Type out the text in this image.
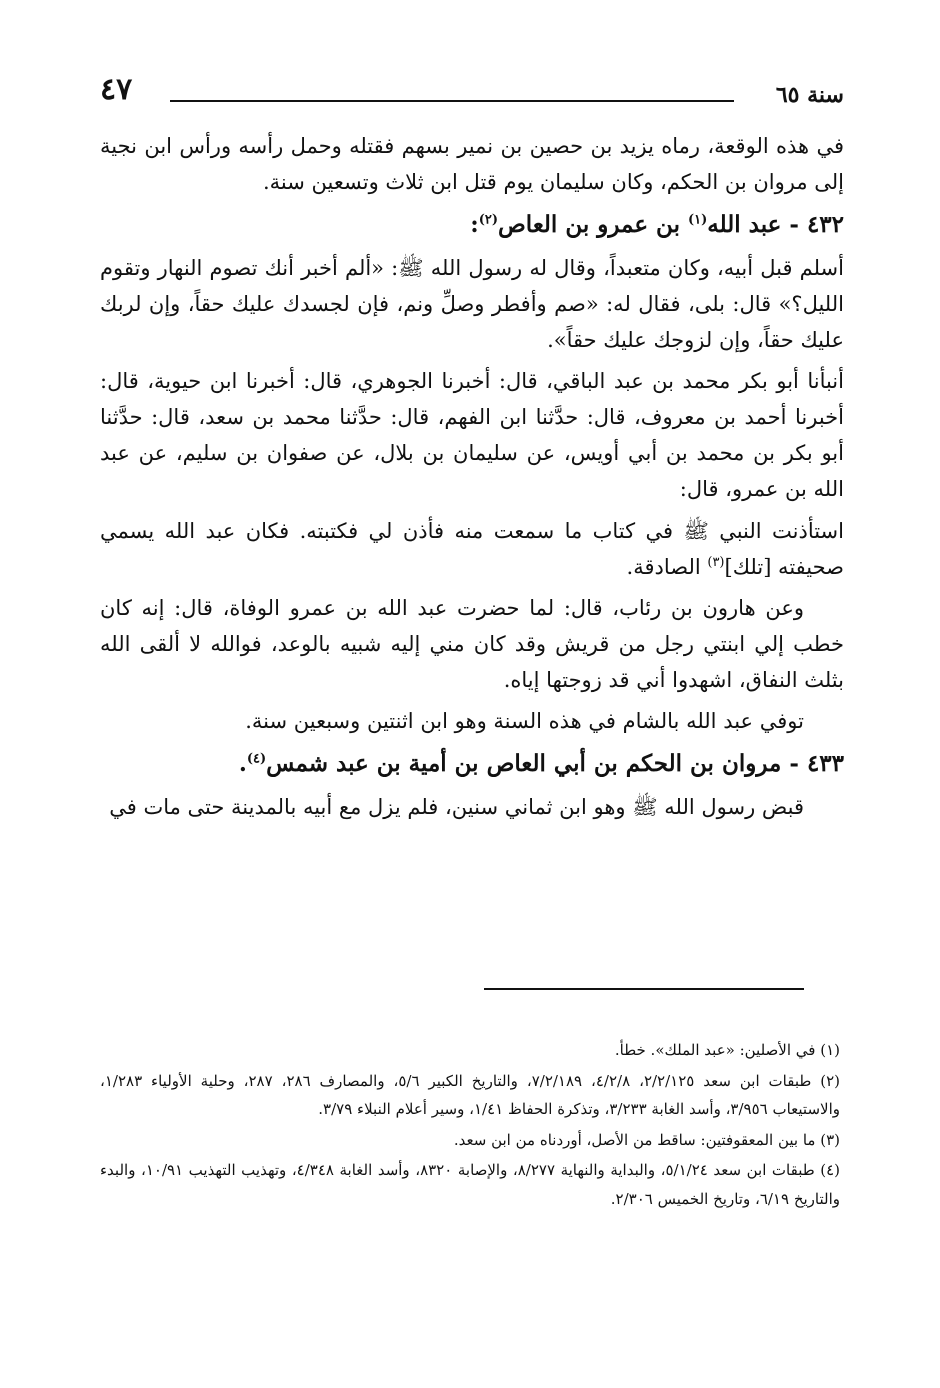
سنة ٦٥
٤٧

في هذه الوقعة، رماه يزيد بن حصين بن نمير بسهم فقتله وحمل رأسه ورأس ابن نجية إلى مروان بن الحكم، وكان سليمان يوم قتل ابن ثلاث وتسعين سنة.

٤٣٢ - عبد الله$^{(١)}$ بن عمرو بن العاص$^{(٢)}$:

أسلم قبل أبيه، وكان متعبداً، وقال له رسول الله ﷺ: «ألم أخبر أنك تصوم النهار وتقوم الليل؟» قال: بلى، فقال له: «صم وأفطر وصلِّ ونم، فإن لجسدك عليك حقاً، وإن لربك عليك حقاً، وإن لزوجك عليك حقاً».

أنبأنا أبو بكر محمد بن عبد الباقي، قال: أخبرنا الجوهري، قال: أخبرنا ابن حيوية، قال: أخبرنا أحمد بن معروف، قال: حدَّثنا ابن الفهم، قال: حدَّثنا محمد بن سعد، قال: حدَّثنا أبو بكر بن محمد بن أبي أويس، عن سليمان بن بلال، عن صفوان بن سليم، عن عبد الله بن عمرو، قال:

استأذنت النبي ﷺ في كتاب ما سمعت منه فأذن لي فكتبته. فكان عبد الله يسمي صحيفته [تلك]$^{(٣)}$ الصادقة.

وعن هارون بن رئاب، قال: لما حضرت عبد الله بن عمرو الوفاة، قال: إنه كان خطب إلي ابنتي رجل من قريش وقد كان مني إليه شبيه بالوعد، فوالله لا ألقى الله بثلث النفاق، اشهدوا أني قد زوجتها إياه.

توفي عبد الله بالشام في هذه السنة وهو ابن اثنتين وسبعين سنة.

٤٣٣ - مروان بن الحكم بن أبي العاص بن أمية بن عبد شمس$^{(٤)}$.

قبض رسول الله ﷺ وهو ابن ثماني سنين، فلم يزل مع أبيه بالمدينة حتى مات في

(١) في الأصلين: «عبد الملك». خطأ.

(٢) طبقات ابن سعد ٢/٢/١٢٥، ٤/٢/٨، ٧/٢/١٨٩، والتاريخ الكبير ٥/٦، والمصارف ٢٨٦، ٢٨٧، وحلية الأولياء ١/٢٨٣، والاستيعاب ٣/٩٥٦، وأسد الغابة ٣/٢٣٣، وتذكرة الحفاظ ١/٤١، وسير أعلام النبلاء ٣/٧٩.

(٣) ما بين المعقوفتين: ساقط من الأصل، أوردناه من ابن سعد.

(٤) طبقات ابن سعد ٥/١/٢٤، والبداية والنهاية ٨/٢٧٧، والإصابة ٨٣٢٠، وأسد الغابة ٤/٣٤٨، وتهذيب التهذيب ١٠/٩١، والبدء والتاريخ ٦/١٩، وتاريخ الخميس ٢/٣٠٦.
